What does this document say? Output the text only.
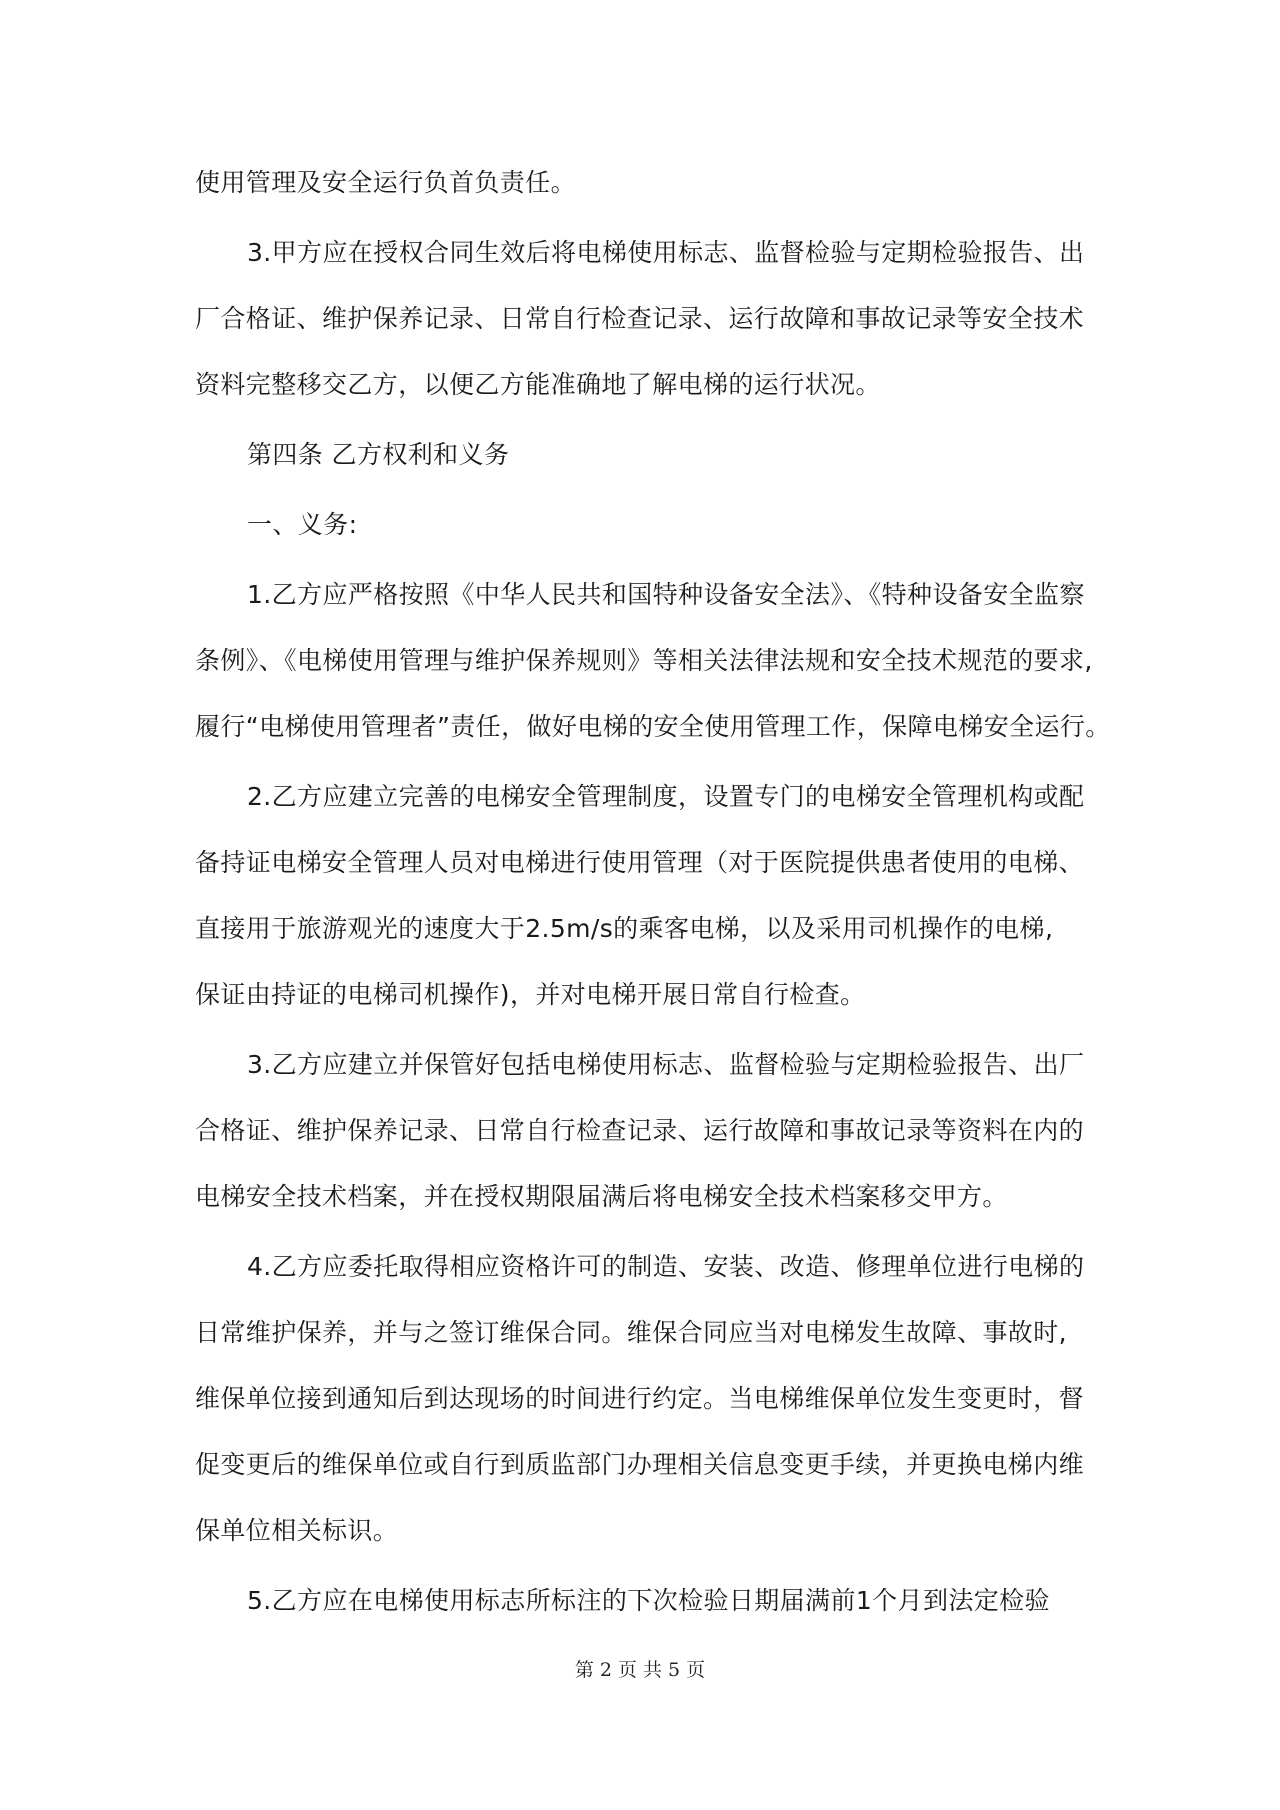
使用管理及安全运行负首负责任。
3.甲方应在授权合同生效后将电梯使用标志、监督检验与定期检验报告、出
厂合格证、维护保养记录、日常自行检查记录、运行故障和事故记录等安全技术
资料完整移交乙方，以便乙方能准确地了解电梯的运行状况。
第四条 乙方权利和义务
一、义务:
1.乙方应严格按照《中华人民共和国特种设备安全法》、《特种设备安全监察
条例》、《电梯使用管理与维护保养规则》等相关法律法规和安全技术规范的要求,
履行“电梯使用管理者”责任，做好电梯的安全使用管理工作，保障电梯安全运行。
2.乙方应建立完善的电梯安全管理制度，设置专门的电梯安全管理机构或配
备持证电梯安全管理人员对电梯进行使用管理（对于医院提供患者使用的电梯、
直接用于旅游观光的速度大于2.5m/s的乘客电梯，以及采用司机操作的电梯,
保证由持证的电梯司机操作)，并对电梯开展日常自行检查。
3.乙方应建立并保管好包括电梯使用标志、监督检验与定期检验报告、出厂
合格证、维护保养记录、日常自行检查记录、运行故障和事故记录等资料在内的
电梯安全技术档案，并在授权期限届满后将电梯安全技术档案移交甲方。
4.乙方应委托取得相应资格许可的制造、安装、改造、修理单位进行电梯的
日常维护保养，并与之签订维保合同。维保合同应当对电梯发生故障、事故时,
维保单位接到通知后到达现场的时间进行约定。当电梯维保单位发生变更时，督
促变更后的维保单位或自行到质监部门办理相关信息变更手续，并更换电梯内维
保单位相关标识。
5.乙方应在电梯使用标志所标注的下次检验日期届满前1个月到法定检验
第 2 页 共 5 页
